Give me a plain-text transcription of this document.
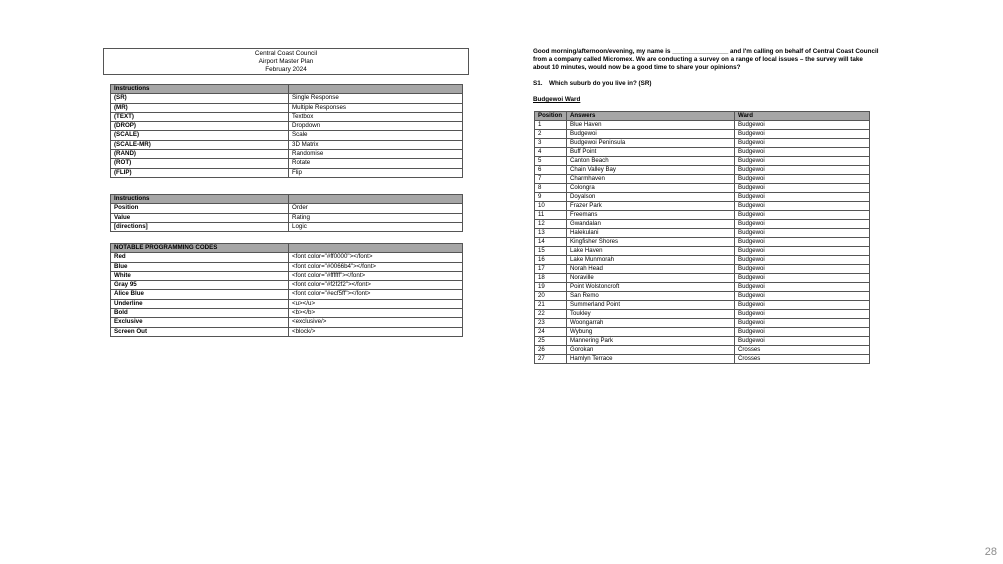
Central Coast Council
Airport Master Plan
February 2024
Instructions	
(SR)	Single Response
(MR)	Multiple Responses
(TEXT)	Textbox
(DROP)	Dropdown
(SCALE)	Scale
(SCALE-MR)	3D Matrix
(RAND)	Randomise
(ROT)	Rotate
(FLIP)	Flip
Instructions	
Position	Order
Value	Rating
[directions]	Logic
NOTABLE PROGRAMMING CODES	
Red	<font color="#ff0000"></font>
Blue	<font color="#0066b4"></font>
White	<font color="#ffffff"></font>
Gray 95	<font color="#f2f2f2"></font>
Alice Blue	<font color="#ecf5ff"></font>
Underline	<u></u>
Bold	<b></b>
Exclusive	<exclusive/>
Screen Out	<block/>
Good morning/afternoon/evening, my name is ________________ and I'm calling on behalf of Central Coast Council from a company called Micromex. We are conducting a survey on a range of local issues – the survey will take about 10 minutes, would now be a good time to share your opinions?
S1. Which suburb do you live in? (SR)
Budgewoi Ward
Position	Answers	Ward
1	Blue Haven	Budgewoi
2	Budgewoi	Budgewoi
3	Budgewoi Peninsula	Budgewoi
4	Buff Point	Budgewoi
5	Canton Beach	Budgewoi
6	Chain Valley Bay	Budgewoi
7	Charmhaven	Budgewoi
8	Colongra	Budgewoi
9	Doyalson	Budgewoi
10	Frazer Park	Budgewoi
11	Freemans	Budgewoi
12	Gwandalan	Budgewoi
13	Halekulani	Budgewoi
14	Kingfisher Shores	Budgewoi
15	Lake Haven	Budgewoi
16	Lake Munmorah	Budgewoi
17	Norah Head	Budgewoi
18	Noraville	Budgewoi
19	Point Wolstoncroft	Budgewoi
20	San Remo	Budgewoi
21	Summerland Point	Budgewoi
22	Toukley	Budgewoi
23	Woongarrah	Budgewoi
24	Wybung	Budgewoi
25	Mannering Park	Budgewoi
26	Gorokan	Crosses
27	Hamlyn Terrace	Crosses
28
